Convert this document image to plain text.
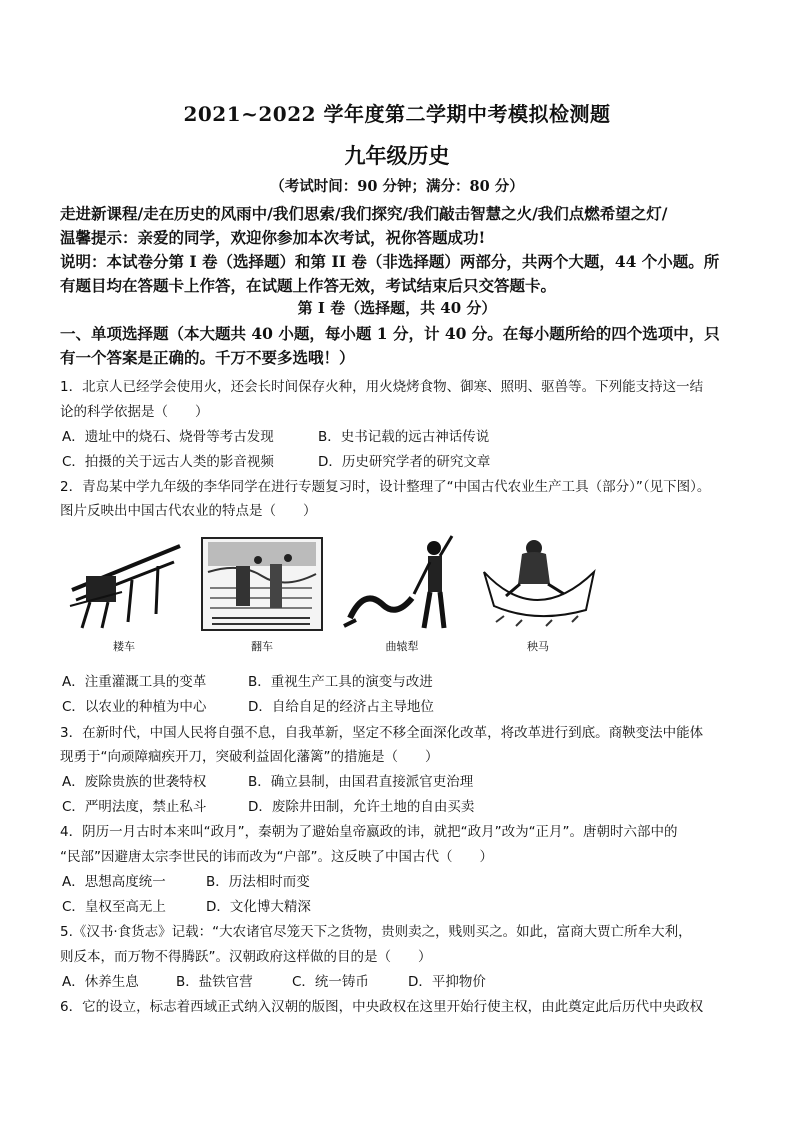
2021~2022 学年度第二学期中考模拟检测题
九年级历史
（考试时间：90 分钟；满分：80 分）
走进新课程/走在历史的风雨中/我们思索/我们探究/我们敲击智慧之火/我们点燃希望之灯/
温馨提示：亲爱的同学，欢迎你参加本次考试，祝你答题成功!
说明：本试卷分第 I 卷（选择题）和第 II 卷（非选择题）两部分，共两个大题，44 个小题。所
有题目均在答题卡上作答，在试题上作答无效，考试结束后只交答题卡。
第 I 卷（选择题，共 40 分）
一、单项选择题（本大题共 40 小题，每小题 1 分，计 40 分。在每小题所给的四个选项中，只
有一个答案是正确的。千万不要多选哦！）
1．北京人已经学会使用火，还会长时间保存火种，用火烧烤食物、御寒、照明、驱兽等。下列能支持这一结
论的科学依据是（　　）
A．遗址中的烧石、烧骨等考古发现	B．史书记载的远古神话传说
C．拍摄的关于远古人类的影音视频	D．历史研究学者的研究文章
2．青岛某中学九年级的李华同学在进行专题复习时，设计整理了“中国古代农业生产工具（部分）”（见下图）。
图片反映出中国古代农业的特点是（　　）
耧车	翻车	曲辕犁	秧马
A．注重灌溉工具的变革	B．重视生产工具的演变与改进
C．以农业的种植为中心	D．自给自足的经济占主导地位
3．在新时代，中国人民将自强不息，自我革新，坚定不移全面深化改革，将改革进行到底。商鞅变法中能体
现勇于“向顽障痼疾开刀，突破利益固化藩篱”的措施是（　　）
A．废除贵族的世袭特权	B．确立县制，由国君直接派官吏治理
C．严明法度，禁止私斗	D．废除井田制，允许土地的自由买卖
4．阴历一月古时本来叫“政月”，秦朝为了避始皇帝嬴政的讳，就把“政月”改为“正月”。唐朝时六部中的
“民部”因避唐太宗李世民的讳而改为“户部”。这反映了中国古代（　　）
A．思想高度统一	B．历法相时而变
C．皇权至高无上	D．文化博大精深
5.《汉书·食货志》记载：“大农诸官尽笼天下之货物，贵则卖之，贱则买之。如此，富商大贾亡所牟大利，
则反本，而万物不得腾跃”。汉朝政府这样做的目的是（　　）
A．休养生息	B．盐铁官营	C．统一铸币	D．平抑物价
6．它的设立，标志着西域正式纳入汉朝的版图，中央政权在这里开始行使主权，由此奠定此后历代中央政权
